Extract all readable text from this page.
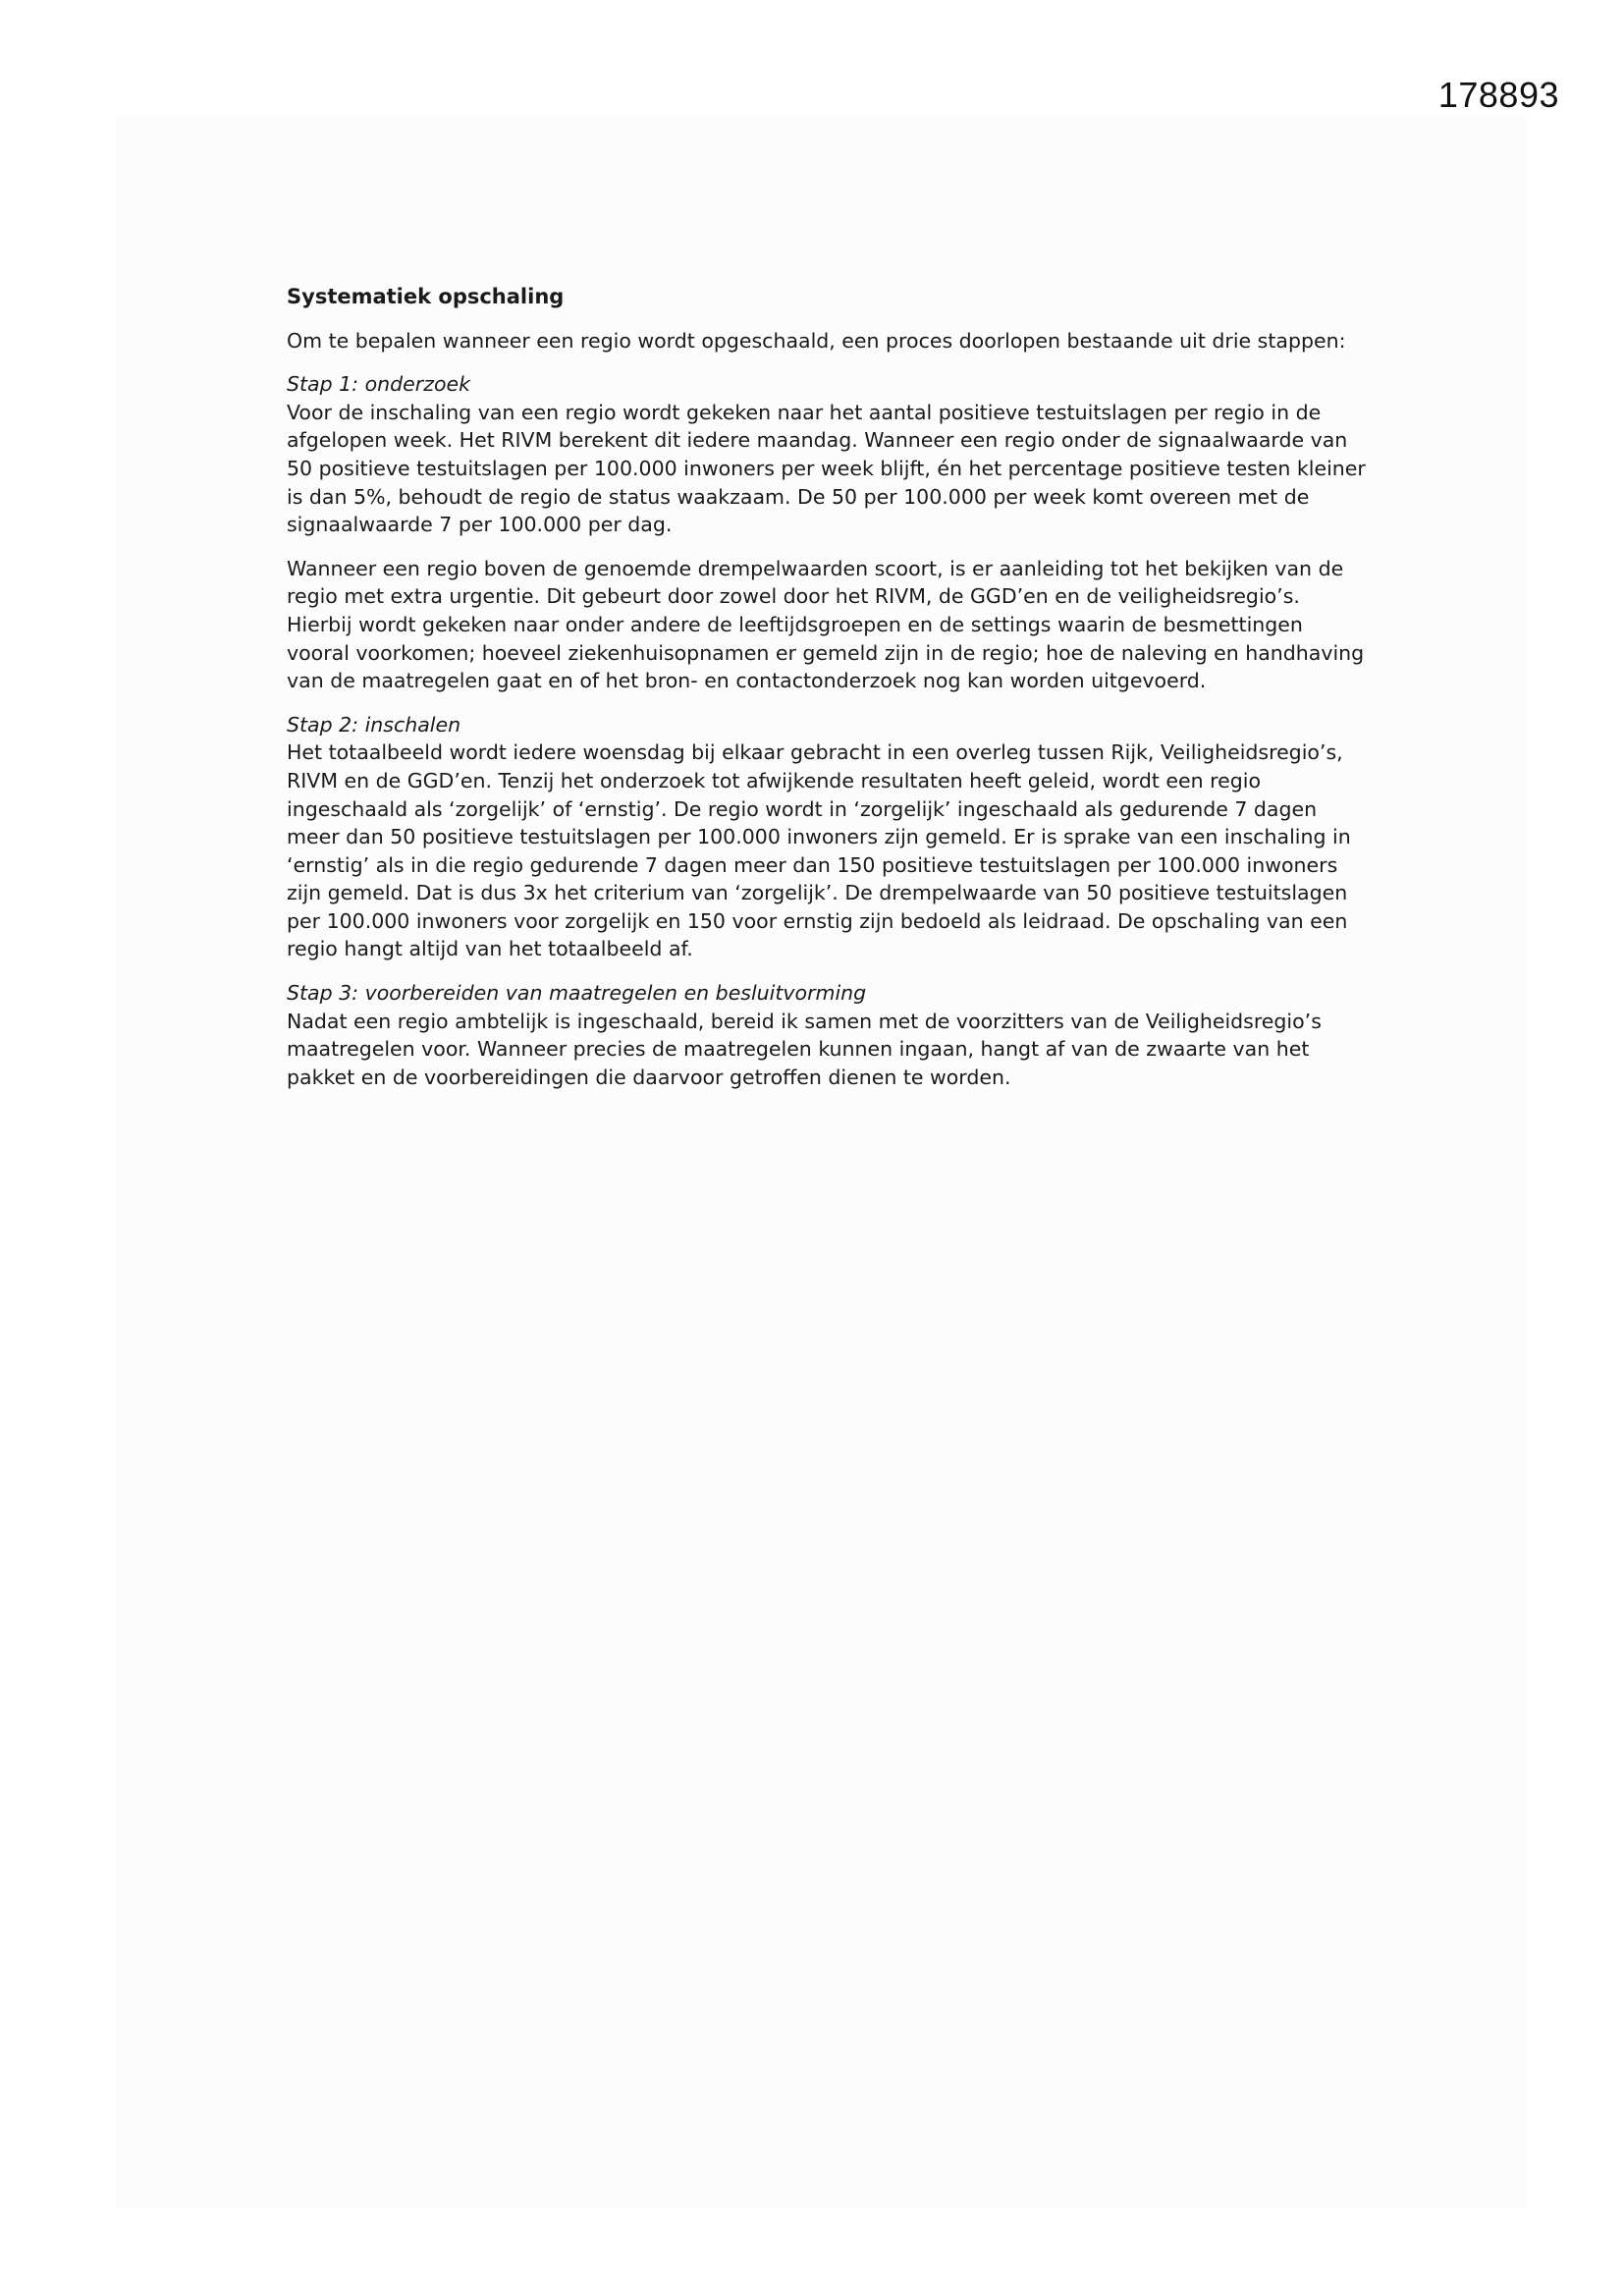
178893
Systematiek opschaling

Om te bepalen wanneer een regio wordt opgeschaald, een proces doorlopen bestaande uit drie stappen:

Stap 1: onderzoek

Voor de inschaling van een regio wordt gekeken naar het aantal positieve testuitslagen per regio in de afgelopen week. Het RIVM berekent dit iedere maandag. Wanneer een regio onder de signaalwaarde van 50 positieve testuitslagen per 100.000 inwoners per week blijft, én het percentage positieve testen kleiner is dan 5%, behoudt de regio de status waakzaam. De 50 per 100.000 per week komt overeen met de signaalwaarde 7 per 100.000 per dag.

Wanneer een regio boven de genoemde drempelwaarden scoort, is er aanleiding tot het bekijken van de regio met extra urgentie. Dit gebeurt door zowel door het RIVM, de GGD’en en de veiligheidsregio’s. Hierbij wordt gekeken naar onder andere de leeftijdsgroepen en de settings waarin de besmettingen vooral voorkomen; hoeveel ziekenhuisopnamen er gemeld zijn in de regio; hoe de naleving en handhaving van de maatregelen gaat en of het bron- en contactonderzoek nog kan worden uitgevoerd.

Stap 2: inschalen

Het totaalbeeld wordt iedere woensdag bij elkaar gebracht in een overleg tussen Rijk, Veiligheidsregio’s, RIVM en de GGD’en. Tenzij het onderzoek tot afwijkende resultaten heeft geleid, wordt een regio ingeschaald als ‘zorgelijk’ of ‘ernstig’. De regio wordt in ‘zorgelijk’ ingeschaald als gedurende 7 dagen meer dan 50 positieve testuitslagen per 100.000 inwoners zijn gemeld. Er is sprake van een inschaling in ‘ernstig’ als in die regio gedurende 7 dagen meer dan 150 positieve testuitslagen per 100.000 inwoners zijn gemeld. Dat is dus 3x het criterium van ‘zorgelijk’. De drempelwaarde van 50 positieve testuitslagen per 100.000 inwoners voor zorgelijk en 150 voor ernstig zijn bedoeld als leidraad. De opschaling van een regio hangt altijd van het totaalbeeld af.

Stap 3: voorbereiden van maatregelen en besluitvorming

Nadat een regio ambtelijk is ingeschaald, bereid ik samen met de voorzitters van de Veiligheidsregio’s maatregelen voor. Wanneer precies de maatregelen kunnen ingaan, hangt af van de zwaarte van het pakket en de voorbereidingen die daarvoor getroffen dienen te worden.
